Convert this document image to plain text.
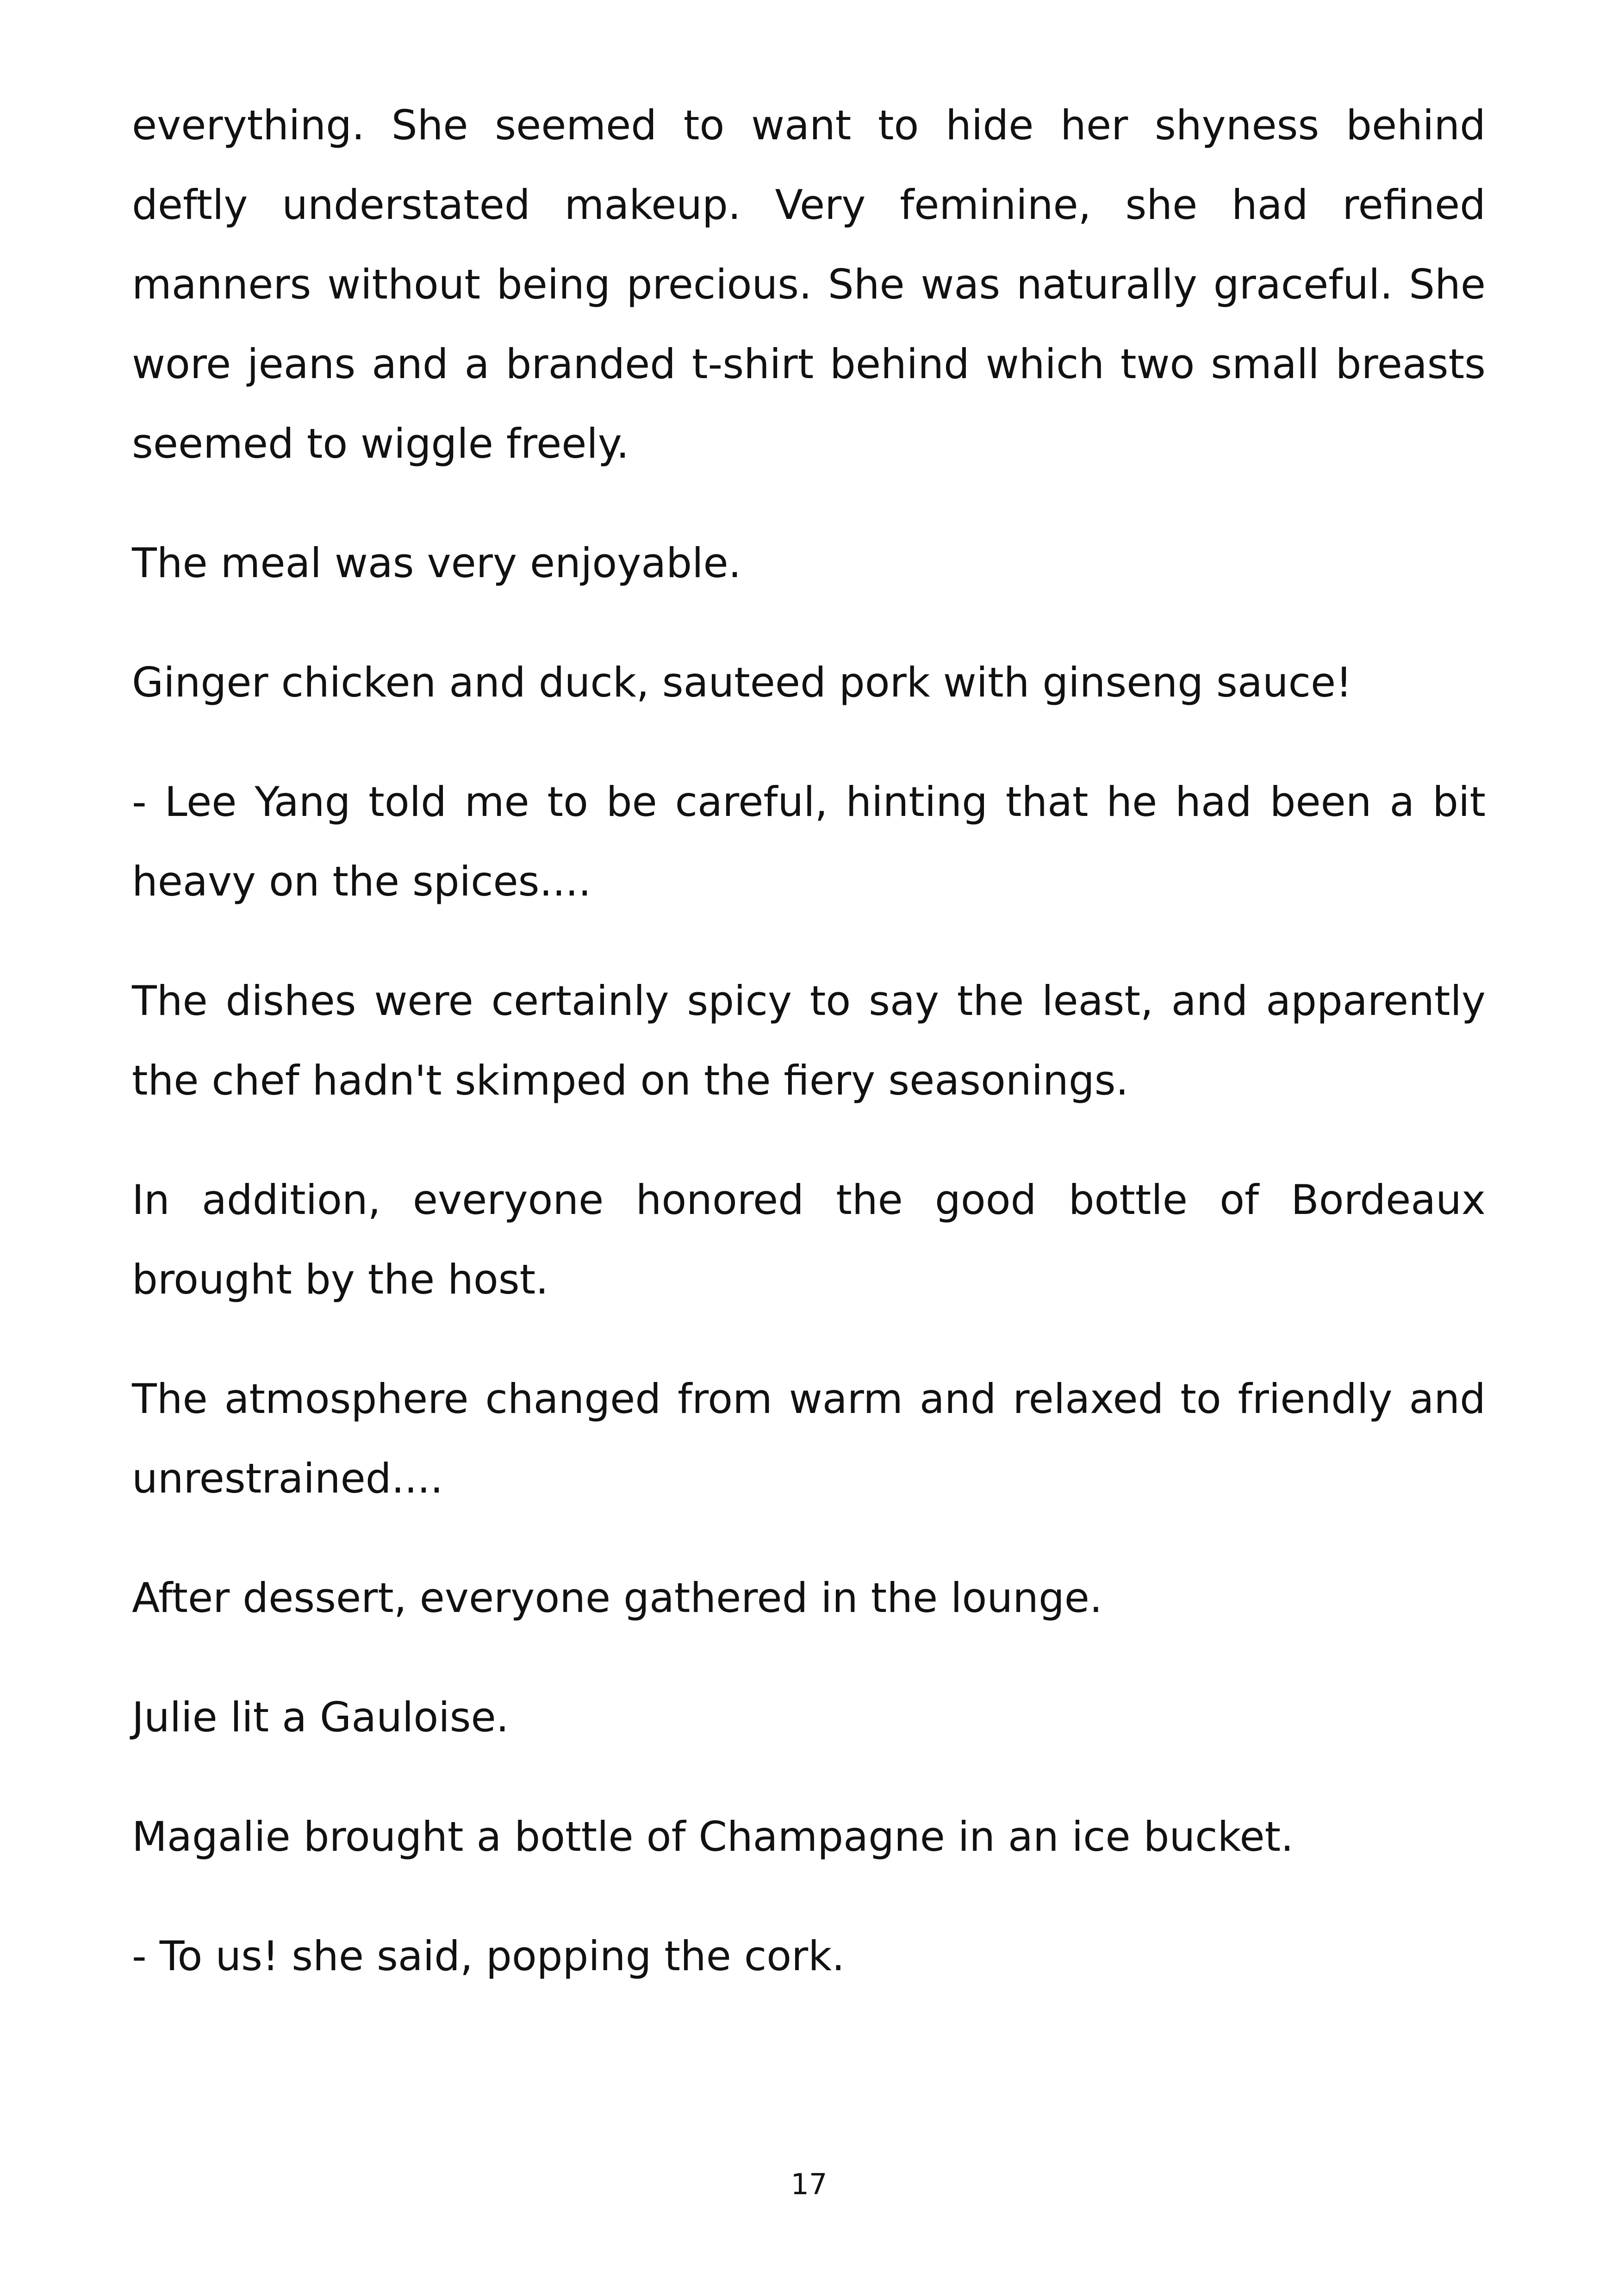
everything. She seemed to want to hide her shyness behind deftly understated makeup. Very feminine, she had refined manners without being precious. She was naturally graceful. She wore jeans and a branded t-shirt behind which two small breasts seemed to wiggle freely.

The meal was very enjoyable.

Ginger chicken and duck, sauteed pork with ginseng sauce!

- Lee Yang told me to be careful, hinting that he had been a bit heavy on the spices....

The dishes were certainly spicy to say the least, and apparently the chef hadn't skimped on the fiery seasonings.

In addition, everyone honored the good bottle of Bordeaux brought by the host.

The atmosphere changed from warm and relaxed to friendly and unrestrained....

After dessert, everyone gathered in the lounge.

Julie lit a Gauloise.

Magalie brought a bottle of Champagne in an ice bucket.

- To us! she said, popping the cork.

17
